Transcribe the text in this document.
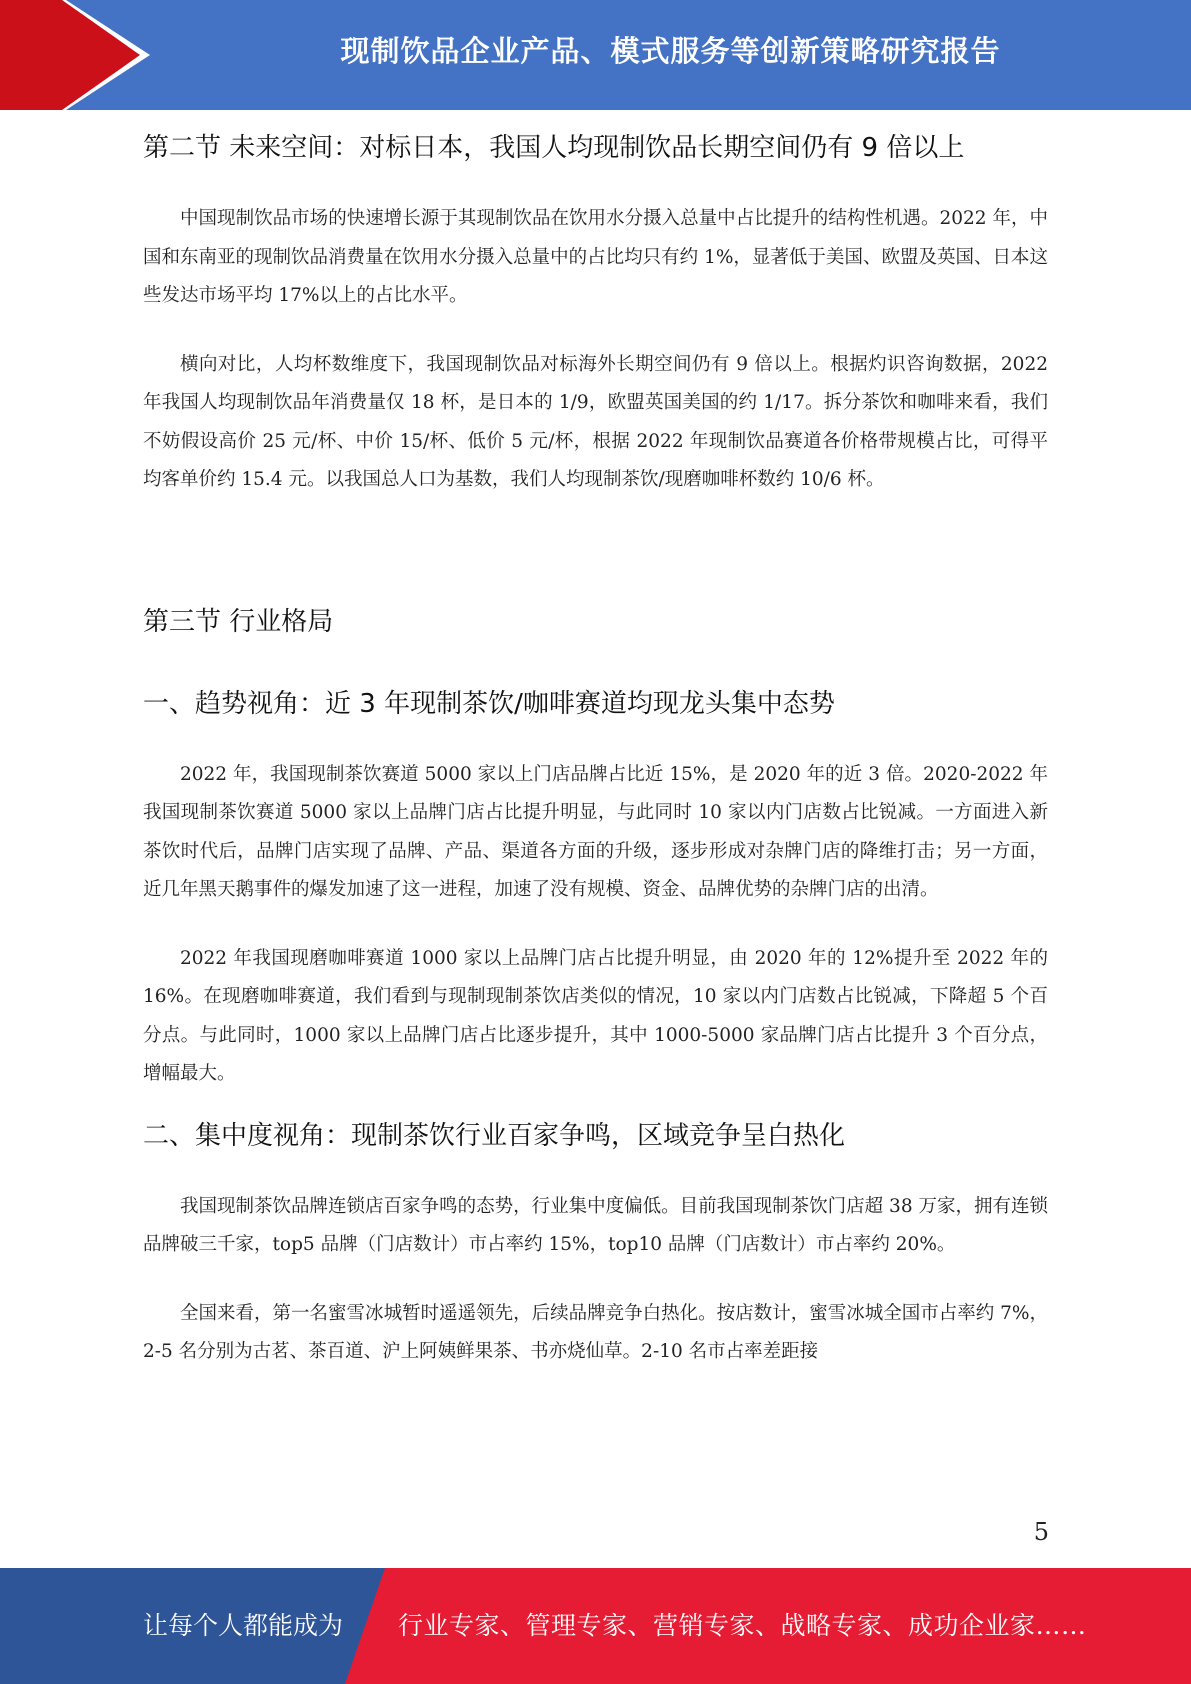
现制饮品企业产品、模式服务等创新策略研究报告
第二节 未来空间：对标日本，我国人均现制饮品长期空间仍有 9 倍以上

中国现制饮品市场的快速增长源于其现制饮品在饮用水分摄入总量中占比提升的结构性机遇。2022 年，中国和东南亚的现制饮品消费量在饮用水分摄入总量中的占比均只有约 1%，显著低于美国、欧盟及英国、日本这些发达市场平均 17%以上的占比水平。

横向对比，人均杯数维度下，我国现制饮品对标海外长期空间仍有 9 倍以上。根据灼识咨询数据，2022 年我国人均现制饮品年消费量仅 18 杯，是日本的 1/9，欧盟英国美国的约 1/17。拆分茶饮和咖啡来看，我们不妨假设高价 25 元/杯、中价 15/杯、低价 5 元/杯，根据 2022 年现制饮品赛道各价格带规模占比，可得平均客单价约 15.4 元。以我国总人口为基数，我们人均现制茶饮/现磨咖啡杯数约 10/6 杯。

第三节 行业格局
一、趋势视角：近 3 年现制茶饮/咖啡赛道均现龙头集中态势

2022 年，我国现制茶饮赛道 5000 家以上门店品牌占比近 15%，是 2020 年的近 3 倍。2020-2022 年我国现制茶饮赛道 5000 家以上品牌门店占比提升明显，与此同时 10 家以内门店数占比锐减。一方面进入新茶饮时代后，品牌门店实现了品牌、产品、渠道各方面的升级，逐步形成对杂牌门店的降维打击；另一方面，近几年黑天鹅事件的爆发加速了这一进程，加速了没有规模、资金、品牌优势的杂牌门店的出清。

2022 年我国现磨咖啡赛道 1000 家以上品牌门店占比提升明显，由 2020 年的 12%提升至 2022 年的 16%。在现磨咖啡赛道，我们看到与现制现制茶饮店类似的情况，10 家以内门店数占比锐减，下降超 5 个百分点。与此同时，1000 家以上品牌门店占比逐步提升，其中 1000-5000 家品牌门店占比提升 3 个百分点，增幅最大。

二、集中度视角：现制茶饮行业百家争鸣，区域竞争呈白热化

我国现制茶饮品牌连锁店百家争鸣的态势，行业集中度偏低。目前我国现制茶饮门店超 38 万家，拥有连锁品牌破三千家，top5 品牌（门店数计）市占率约 15%，top10 品牌（门店数计）市占率约 20%。

全国来看，第一名蜜雪冰城暂时遥遥领先，后续品牌竞争白热化。按店数计，蜜雪冰城全国市占率约 7%，2-5 名分别为古茗、茶百道、沪上阿姨鲜果茶、书亦烧仙草。2-10 名市占率差距接

5
让每个人都能成为 行业专家、管理专家、营销专家、战略专家、成功企业家……
